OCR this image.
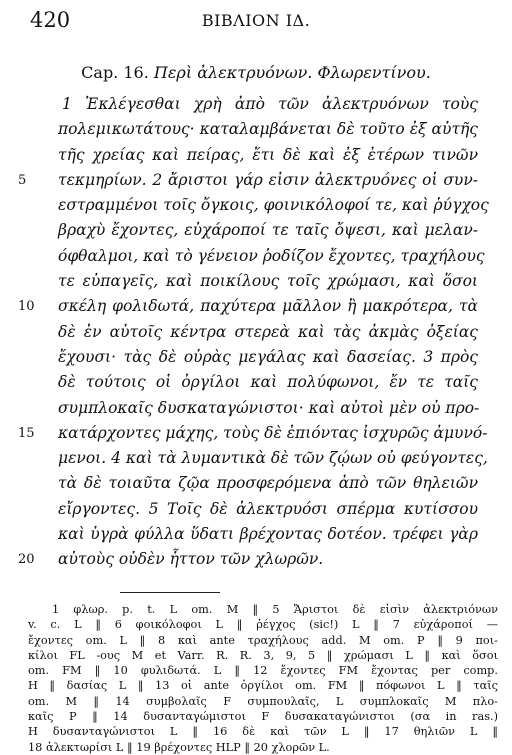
420	ΒΙΒΛΙΟΝ ΙΔ.
Cap. 16. Περὶ ἀλεκτρυόνων. Φλωρεντίνου.
1 Ἐκλέγεσθαι χρὴ ἀπὸ τῶν ἀλεκτρυόνων τοὺς
πολεμικωτάτους· καταλαμβάνεται δὲ τοῦτο ἐξ αὐτῆς
τῆς χρείας καὶ πείρας, ἔτι δὲ καὶ ἐξ ἑτέρων τινῶν
5	τεκμηρίων. 2 ἄριστοι γάρ εἰσιν ἀλεκτρυόνες οἱ συν-
εστραμμένοι τοῖς ὄγκοις, φοινικόλοφοί τε, καὶ ῥύγχος
βραχὺ ἔχοντες, εὐχάροποί τε ταῖς ὄψεσι, καὶ μελαν-
όφθαλμοι, καὶ τὸ γένειον ῥοδίζον ἔχοντες, τραχήλους
τε εὐπαγεῖς, καὶ ποικίλους τοῖς χρώμασι, καὶ ὅσοι
10	σκέλη φολιδωτά, παχύτερα μᾶλλον ἢ μακρότερα, τὰ
δὲ ἐν αὐτοῖς κέντρα στερεὰ καὶ τὰς ἀκμὰς ὀξείας
ἔχουσι· τὰς δὲ οὐρὰς μεγάλας καὶ δασείας. 3 πρὸς
δὲ τούτοις οἱ ὀργίλοι καὶ πολύφωνοι, ἔν τε ταῖς
συμπλοκαῖς δυσκαταγώνιστοι· καὶ αὐτοὶ μὲν οὐ προ-
15	κατάρχοντες μάχης, τοὺς δὲ ἐπιόντας ἰσχυρῶς ἀμυνό-
μενοι. 4 καὶ τὰ λυμαντικὰ δὲ τῶν ζῴων οὐ φεύγοντες,
τὰ δὲ τοιαῦτα ζῷα προσφερόμενα ἀπὸ τῶν θηλειῶν
εἴργοντες. 5 Τοῖς δὲ ἀλεκτρυόσι σπέρμα κυτίσσου
καὶ ὑγρὰ φύλλα ὕδατι βρέχοντας δοτέον. τρέφει γὰρ
20	αὐτοὺς οὐδὲν ἧττον τῶν χλωρῶν.
1 φλωρ. p. t. L om. M ‖ 5 Ἄριστοι δὲ εἰσὶν ἀλεκτριόνων
v. c. L ‖ 6 φοικόλοφοι L ‖ ῥέγχος (sic!) L ‖ 7 εὐχάροποί —
ἔχοντες om. L ‖ 8 καὶ ante τραχήλους add. M om. P ‖ 9 ποι-
κίλοι FL -ους M et Varr. R. R. 3, 9, 5 ‖ χρώμασι L ‖ καὶ ὅσοι
om. FM ‖ 10 φυλιδωτά. L ‖ 12 ἔχοντες FM ἔχοντας per comp.
H ‖ δασίας L ‖ 13 οἱ ante ὀργίλοι om. FM ‖ πόφωνοι L ‖ ταῖς
om. M ‖ 14 συμβολαῖς F συμπουλαῖς, L συμπλοκαῖς M πλο-
καῖς P ‖ 14 δυσανταγώμιστοι F δυσακαταγώνιστοι (σα in ras.)
H δυσανταγώνιστοι L ‖ 16 δὲ καὶ τῶν L ‖ 17 θηλιῶν L ‖
18 ἀλεκτωρίσι L ‖ 19 βρέχοντες HLP ‖ 20 χλορῶν L.
